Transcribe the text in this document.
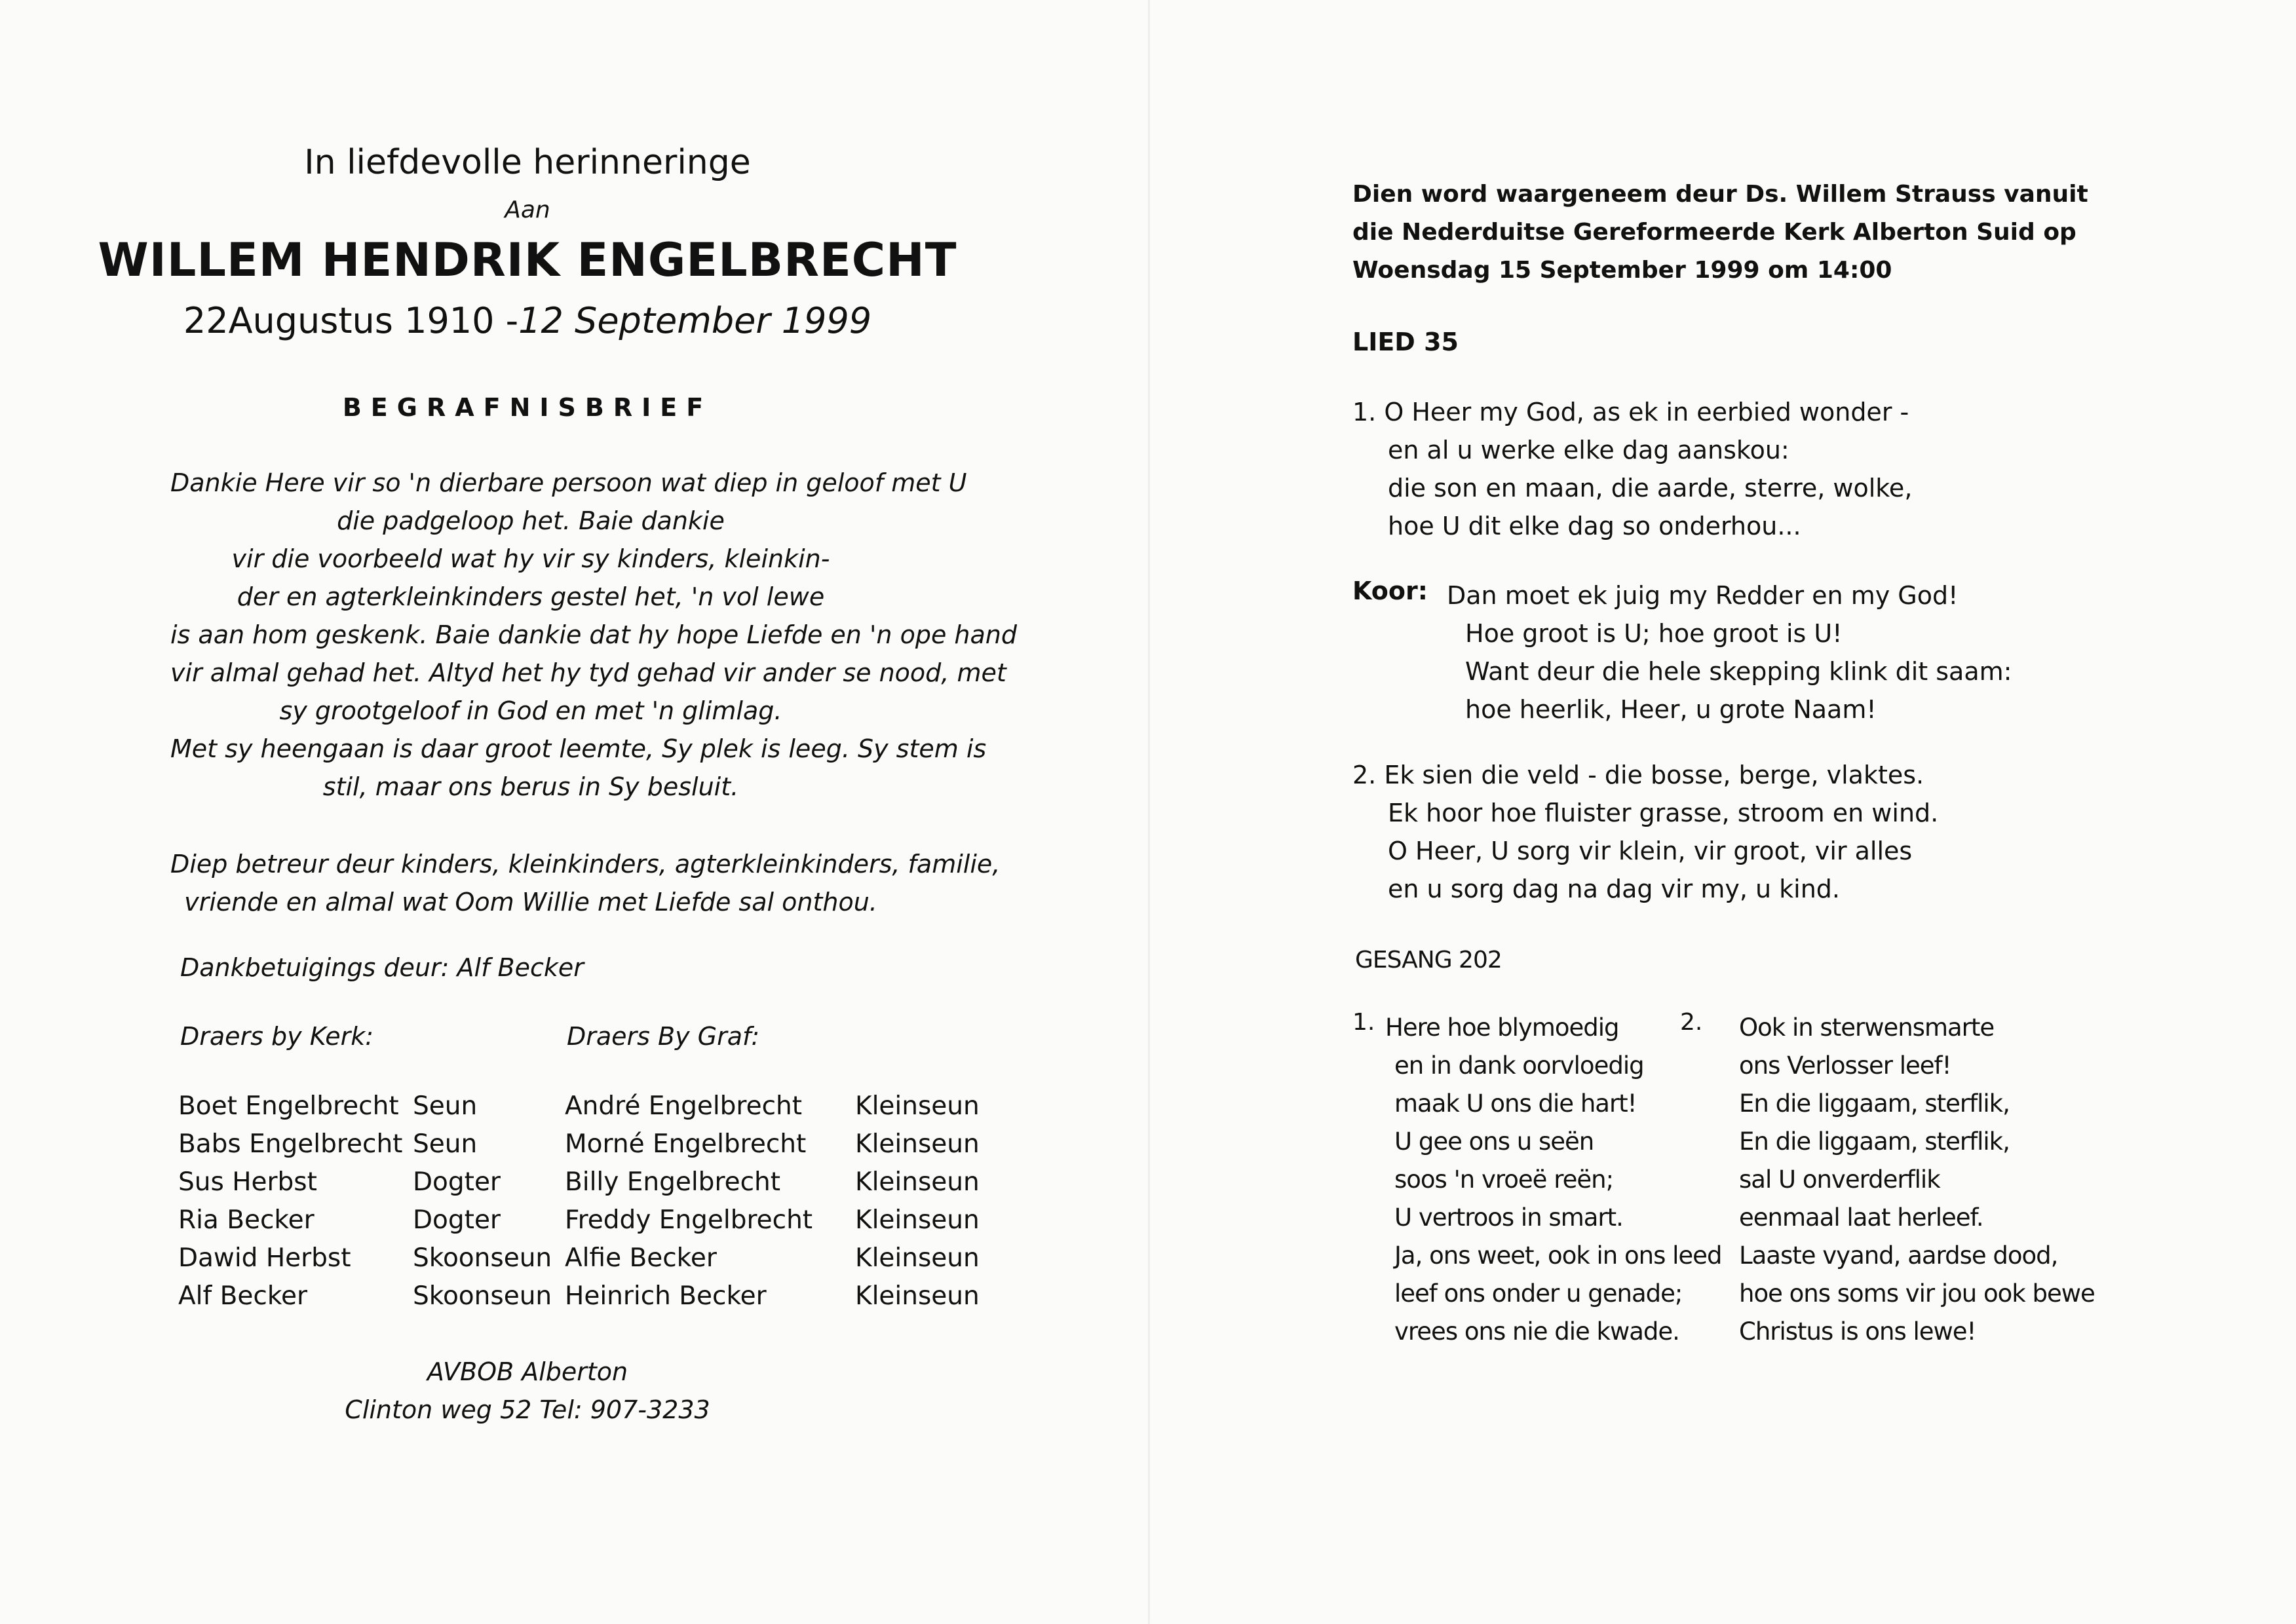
In liefdevolle herinneringe

Aan

WILLEM HENDRIK ENGELBRECHT

22Augustus 1910 -12 September 1999

BEGRAFNISBRIEF

Dankie Here vir so 'n dierbare persoon wat diep in geloof met U
die padgeloop het. Baie dankie
vir die voorbeeld wat hy vir sy kinders, kleinkin-
der en agterkleinkinders gestel het, 'n vol lewe
is aan hom geskenk. Baie dankie dat hy hope Liefde en 'n ope hand
vir almal gehad het. Altyd het hy tyd gehad vir ander se nood, met
sy grootgeloof in God en met 'n glimlag.
Met sy heengaan is daar groot leemte, Sy plek is leeg. Sy stem is
stil, maar ons berus in Sy besluit.
Diep betreur deur kinders, kleinkinders, agterkleinkinders, familie,
vriende en almal wat Oom Willie met Liefde sal onthou.

Dankbetuigings deur: Alf Becker

Draers by Kerk:	Draers By Graf:

Boet Engelbrecht
Babs Engelbrecht
Sus Herbst
Ria Becker
Dawid Herbst
Alf Becker
Seun
Seun
Dogter
Dogter
Skoonseun
Skoonseun
André Engelbrecht
Morné Engelbrecht
Billy Engelbrecht
Freddy Engelbrecht
Alfie Becker
Heinrich Becker
Kleinseun
Kleinseun
Kleinseun
Kleinseun
Kleinseun
Kleinseun
AVBOB Alberton
Clinton weg 52 Tel: 907-3233
Dien word waargeneem deur Ds. Willem Strauss vanuit
die Nederduitse Gereformeerde Kerk Alberton Suid op
Woensdag 15 September 1999 om 14:00

LIED 35

1. O Heer my God, as ek in eerbied wonder -
en al u werke elke dag aanskou:
die son en maan, die aarde, sterre, wolke,
hoe U dit elke dag so onderhou...

Koor: Dan moet ek juig my Redder en my God!
Hoe groot is U; hoe groot is U!
Want deur die hele skepping klink dit saam:
hoe heerlik, Heer, u grote Naam!
2. Ek sien die veld - die bosse, berge, vlaktes.
Ek hoor hoe fluister grasse, stroom en wind.
O Heer, U sorg vir klein, vir groot, vir alles
en u sorg dag na dag vir my, u kind.

GESANG 202

1. Here hoe blymoedig
en in dank oorvloedig
maak U ons die hart!
U gee ons u seën
soos 'n vroeë reën;
U vertroos in smart.
Ja, ons weet, ook in ons leed
leef ons onder u genade;
vrees ons nie die kwade.

2. Ook in sterwensmarte
ons Verlosser leef!
En die liggaam, sterflik,
En die liggaam, sterflik,
sal U onverderflik
eenmaal laat herleef.
Laaste vyand, aardse dood,
hoe ons soms vir jou ook bewe
Christus is ons lewe!
